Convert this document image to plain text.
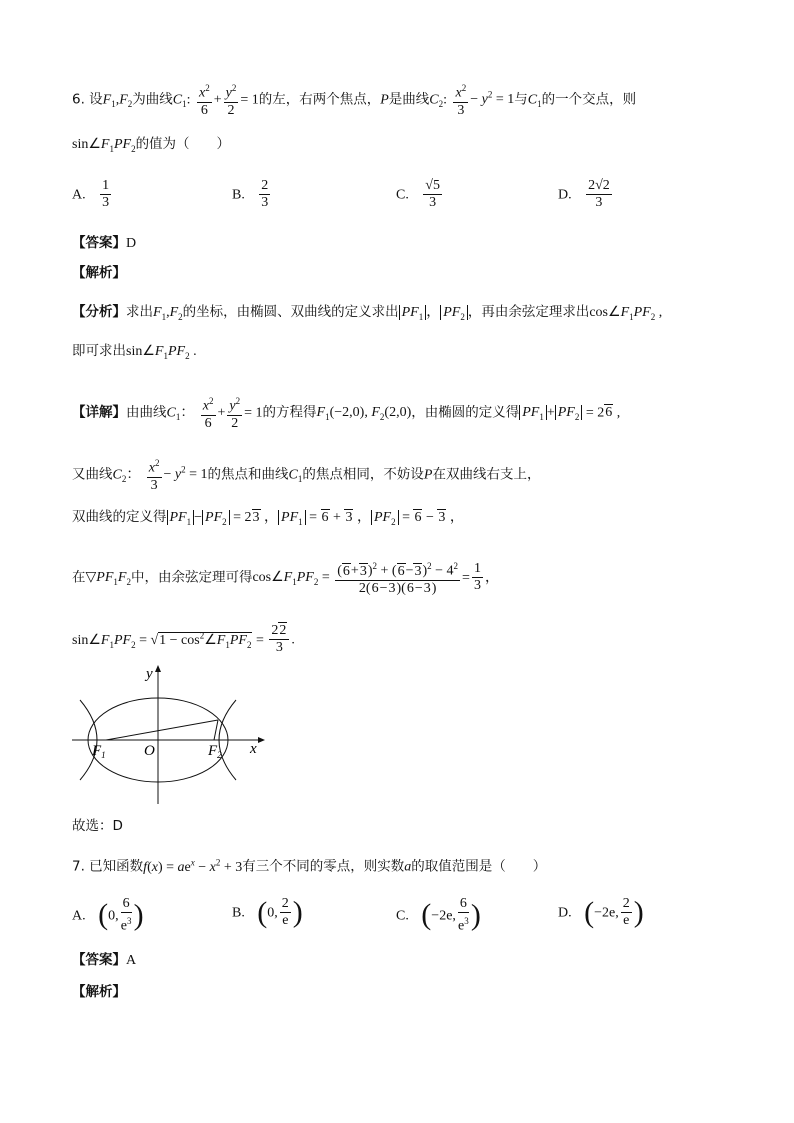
6. 设$F_1,F_2$为曲线$C_1$: $\frac{x^2}{6} + \frac{y^2}{2} = 1$的左，右两个焦点，P是曲线$C_2$: $\frac{x^2}{3} - y^2 = 1$与$C_1$的一个交点，则
$\sin\angle F_1PF_2$的值为（　　）
A. $\frac{1}{3}$	B. $\frac{2}{3}$	C. $\frac{√5}{3}$	D. $\frac{2√2}{3}$
【答案】D
【解析】
【分析】求出$F_1,F_2$的坐标，由椭圆、双曲线的定义求出 $PF_1$ ， $PF_2$ ，再由余弦定理求出$\cos\angle F_1PF_2$ ,
即可求出$\sin\angle F_1PF_2$ .
【详解】由曲线$C_1$： $\frac{x^2}{6} + \frac{y^2}{2} = 1$的方程得$F_1(-2,0)$, $F_2(2,0)$，由椭圆的定义得 $PF_1 + PF_2 = 26$ ,
又曲线$C_2$： $\frac{x^2}{3} - y^2 = 1$的焦点和曲线$C_1$的焦点相同，不妨设P在双曲线右支上，
双曲线的定义得 $PF_1 - PF_2 = 23$ ， $PF_1 = 6 + 3$ ， $PF_2 = 6 - 3$ ，
在$▽PF_1F_2$中，由余弦定理可得$\cos\angle F_1PF_2 = \frac{(6+3)^2 + (6-3)^2 - 4^2}{2(6-3)(6-3)} = \frac{1}{3}$ ，
$\sin\angle F_1PF_2 = √1$ − $\cos^2\angle F_1PF_2 = \frac{22}{3}$ .
y
x
O
$F_1$	$F_2$
故选：D
7. 已知函数$f(x) = ae^x - x^2 + 3$有三个不同的零点，则实数a的取值范围是（　　）
A. (0, $\frac{6}{e^3}$ )	B. (0, $\frac{2}{e}$ )	C. (−2e, $\frac{6}{e^3}$ )	D. (−2e, $\frac{2}{e}$ )
【答案】A
【解析】
